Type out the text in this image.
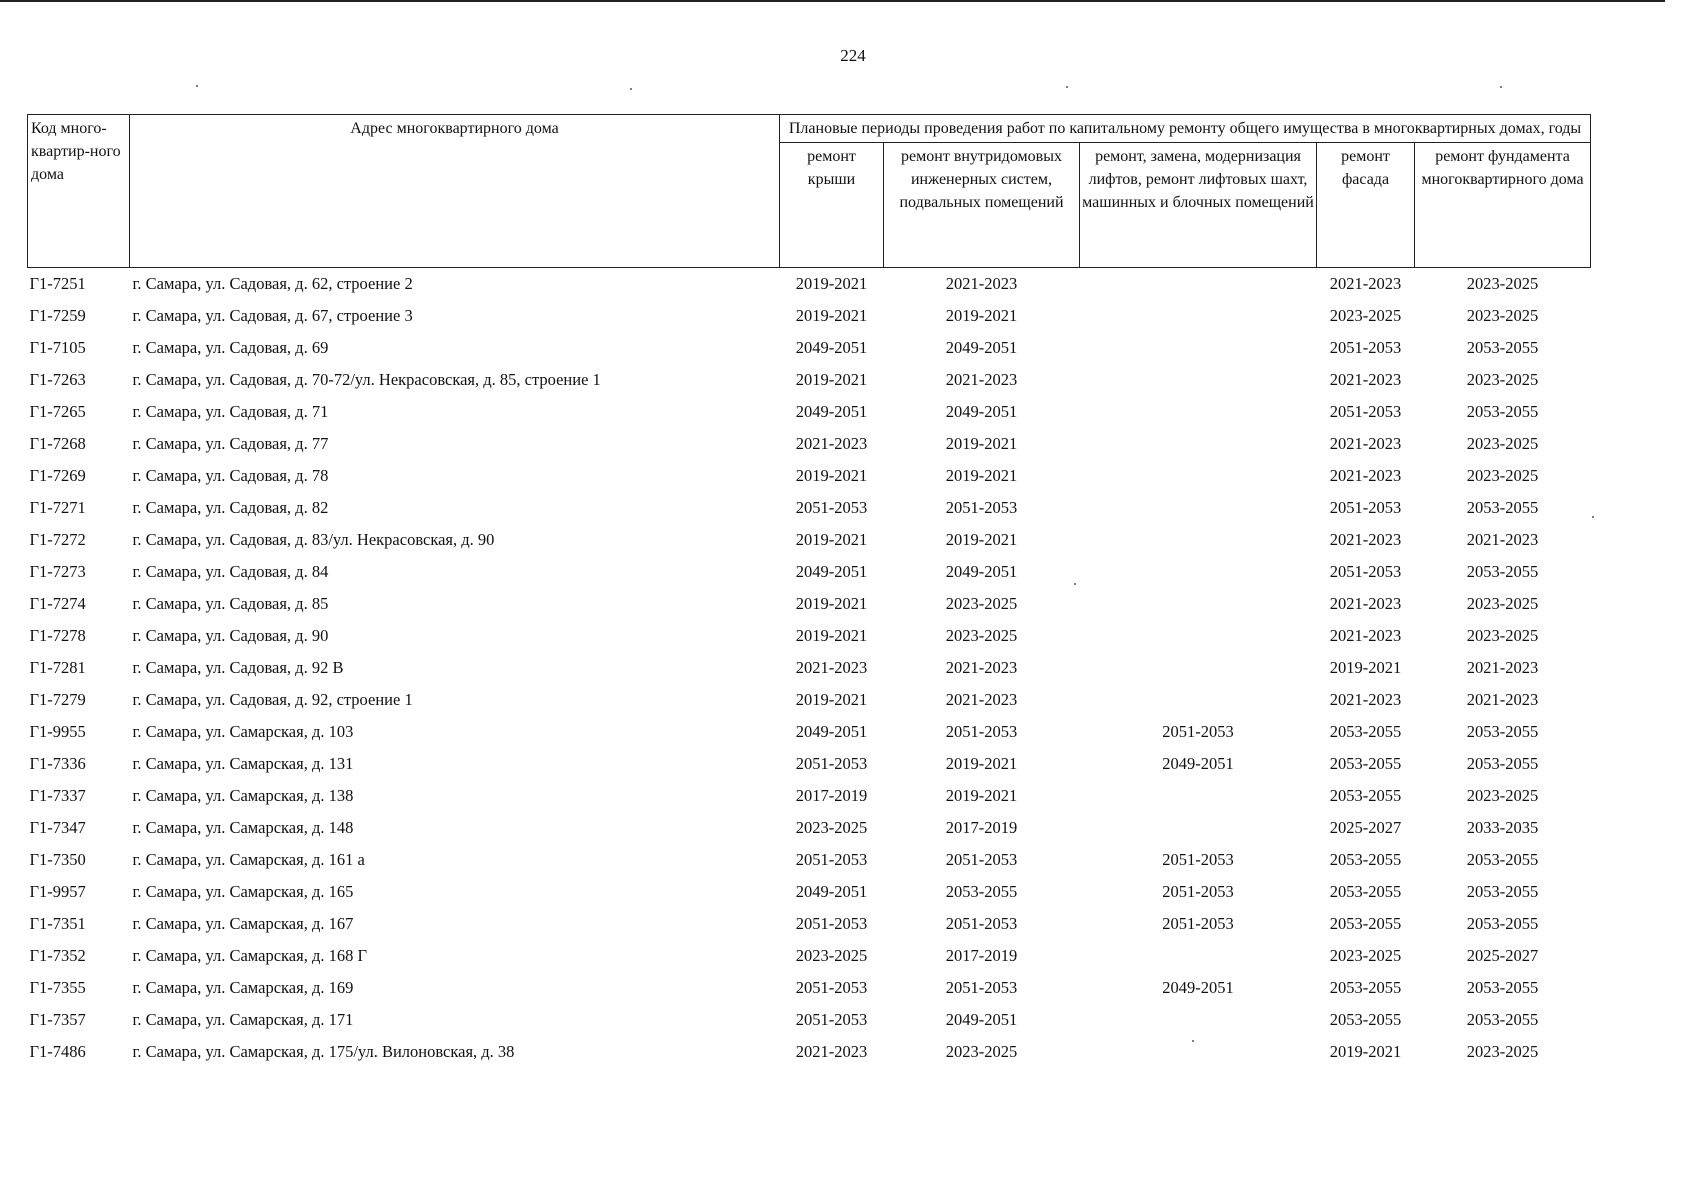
224
Код много-квартир-ного дома	Адрес многоквартирного дома	Плановые периоды проведения работ по капитальному ремонту общего имущества в многоквартирных домах, годы				
		ремонт крыши	ремонт внутридомовых инженерных систем, подвальных помещений	ремонт, замена, модернизация лифтов, ремонт лифтовых шахт, машинных и блочных помещений	ремонт фасада	ремонт фундамента многоквартирного дома
Г1-7251	г. Самара, ул. Садовая, д. 62, строение 2	2019-2021	2021-2023		2021-2023	2023-2025
Г1-7259	г. Самара, ул. Садовая, д. 67, строение 3	2019-2021	2019-2021		2023-2025	2023-2025
Г1-7105	г. Самара, ул. Садовая, д. 69	2049-2051	2049-2051		2051-2053	2053-2055
Г1-7263	г. Самара, ул. Садовая, д. 70-72/ул. Некрасовская, д. 85, строение 1	2019-2021	2021-2023		2021-2023	2023-2025
Г1-7265	г. Самара, ул. Садовая, д. 71	2049-2051	2049-2051		2051-2053	2053-2055
Г1-7268	г. Самара, ул. Садовая, д. 77	2021-2023	2019-2021		2021-2023	2023-2025
Г1-7269	г. Самара, ул. Садовая, д. 78	2019-2021	2019-2021		2021-2023	2023-2025
Г1-7271	г. Самара, ул. Садовая, д. 82	2051-2053	2051-2053		2051-2053	2053-2055
Г1-7272	г. Самара, ул. Садовая, д. 83/ул. Некрасовская, д. 90	2019-2021	2019-2021		2021-2023	2021-2023
Г1-7273	г. Самара, ул. Садовая, д. 84	2049-2051	2049-2051		2051-2053	2053-2055
Г1-7274	г. Самара, ул. Садовая, д. 85	2019-2021	2023-2025		2021-2023	2023-2025
Г1-7278	г. Самара, ул. Садовая, д. 90	2019-2021	2023-2025		2021-2023	2023-2025
Г1-7281	г. Самара, ул. Садовая, д. 92 В	2021-2023	2021-2023		2019-2021	2021-2023
Г1-7279	г. Самара, ул. Садовая, д. 92, строение 1	2019-2021	2021-2023		2021-2023	2021-2023
Г1-9955	г. Самара, ул. Самарская, д. 103	2049-2051	2051-2053	2051-2053	2053-2055	2053-2055
Г1-7336	г. Самара, ул. Самарская, д. 131	2051-2053	2019-2021	2049-2051	2053-2055	2053-2055
Г1-7337	г. Самара, ул. Самарская, д. 138	2017-2019	2019-2021		2053-2055	2023-2025
Г1-7347	г. Самара, ул. Самарская, д. 148	2023-2025	2017-2019		2025-2027	2033-2035
Г1-7350	г. Самара, ул. Самарская, д. 161 а	2051-2053	2051-2053	2051-2053	2053-2055	2053-2055
Г1-9957	г. Самара, ул. Самарская, д. 165	2049-2051	2053-2055	2051-2053	2053-2055	2053-2055
Г1-7351	г. Самара, ул. Самарская, д. 167	2051-2053	2051-2053	2051-2053	2053-2055	2053-2055
Г1-7352	г. Самара, ул. Самарская, д. 168 Г	2023-2025	2017-2019		2023-2025	2025-2027
Г1-7355	г. Самара, ул. Самарская, д. 169	2051-2053	2051-2053	2049-2051	2053-2055	2053-2055
Г1-7357	г. Самара, ул. Самарская, д. 171	2051-2053	2049-2051		2053-2055	2053-2055
Г1-7486	г. Самара, ул. Самарская, д. 175/ул. Вилоновская, д. 38	2021-2023	2023-2025		2019-2021	2023-2025
